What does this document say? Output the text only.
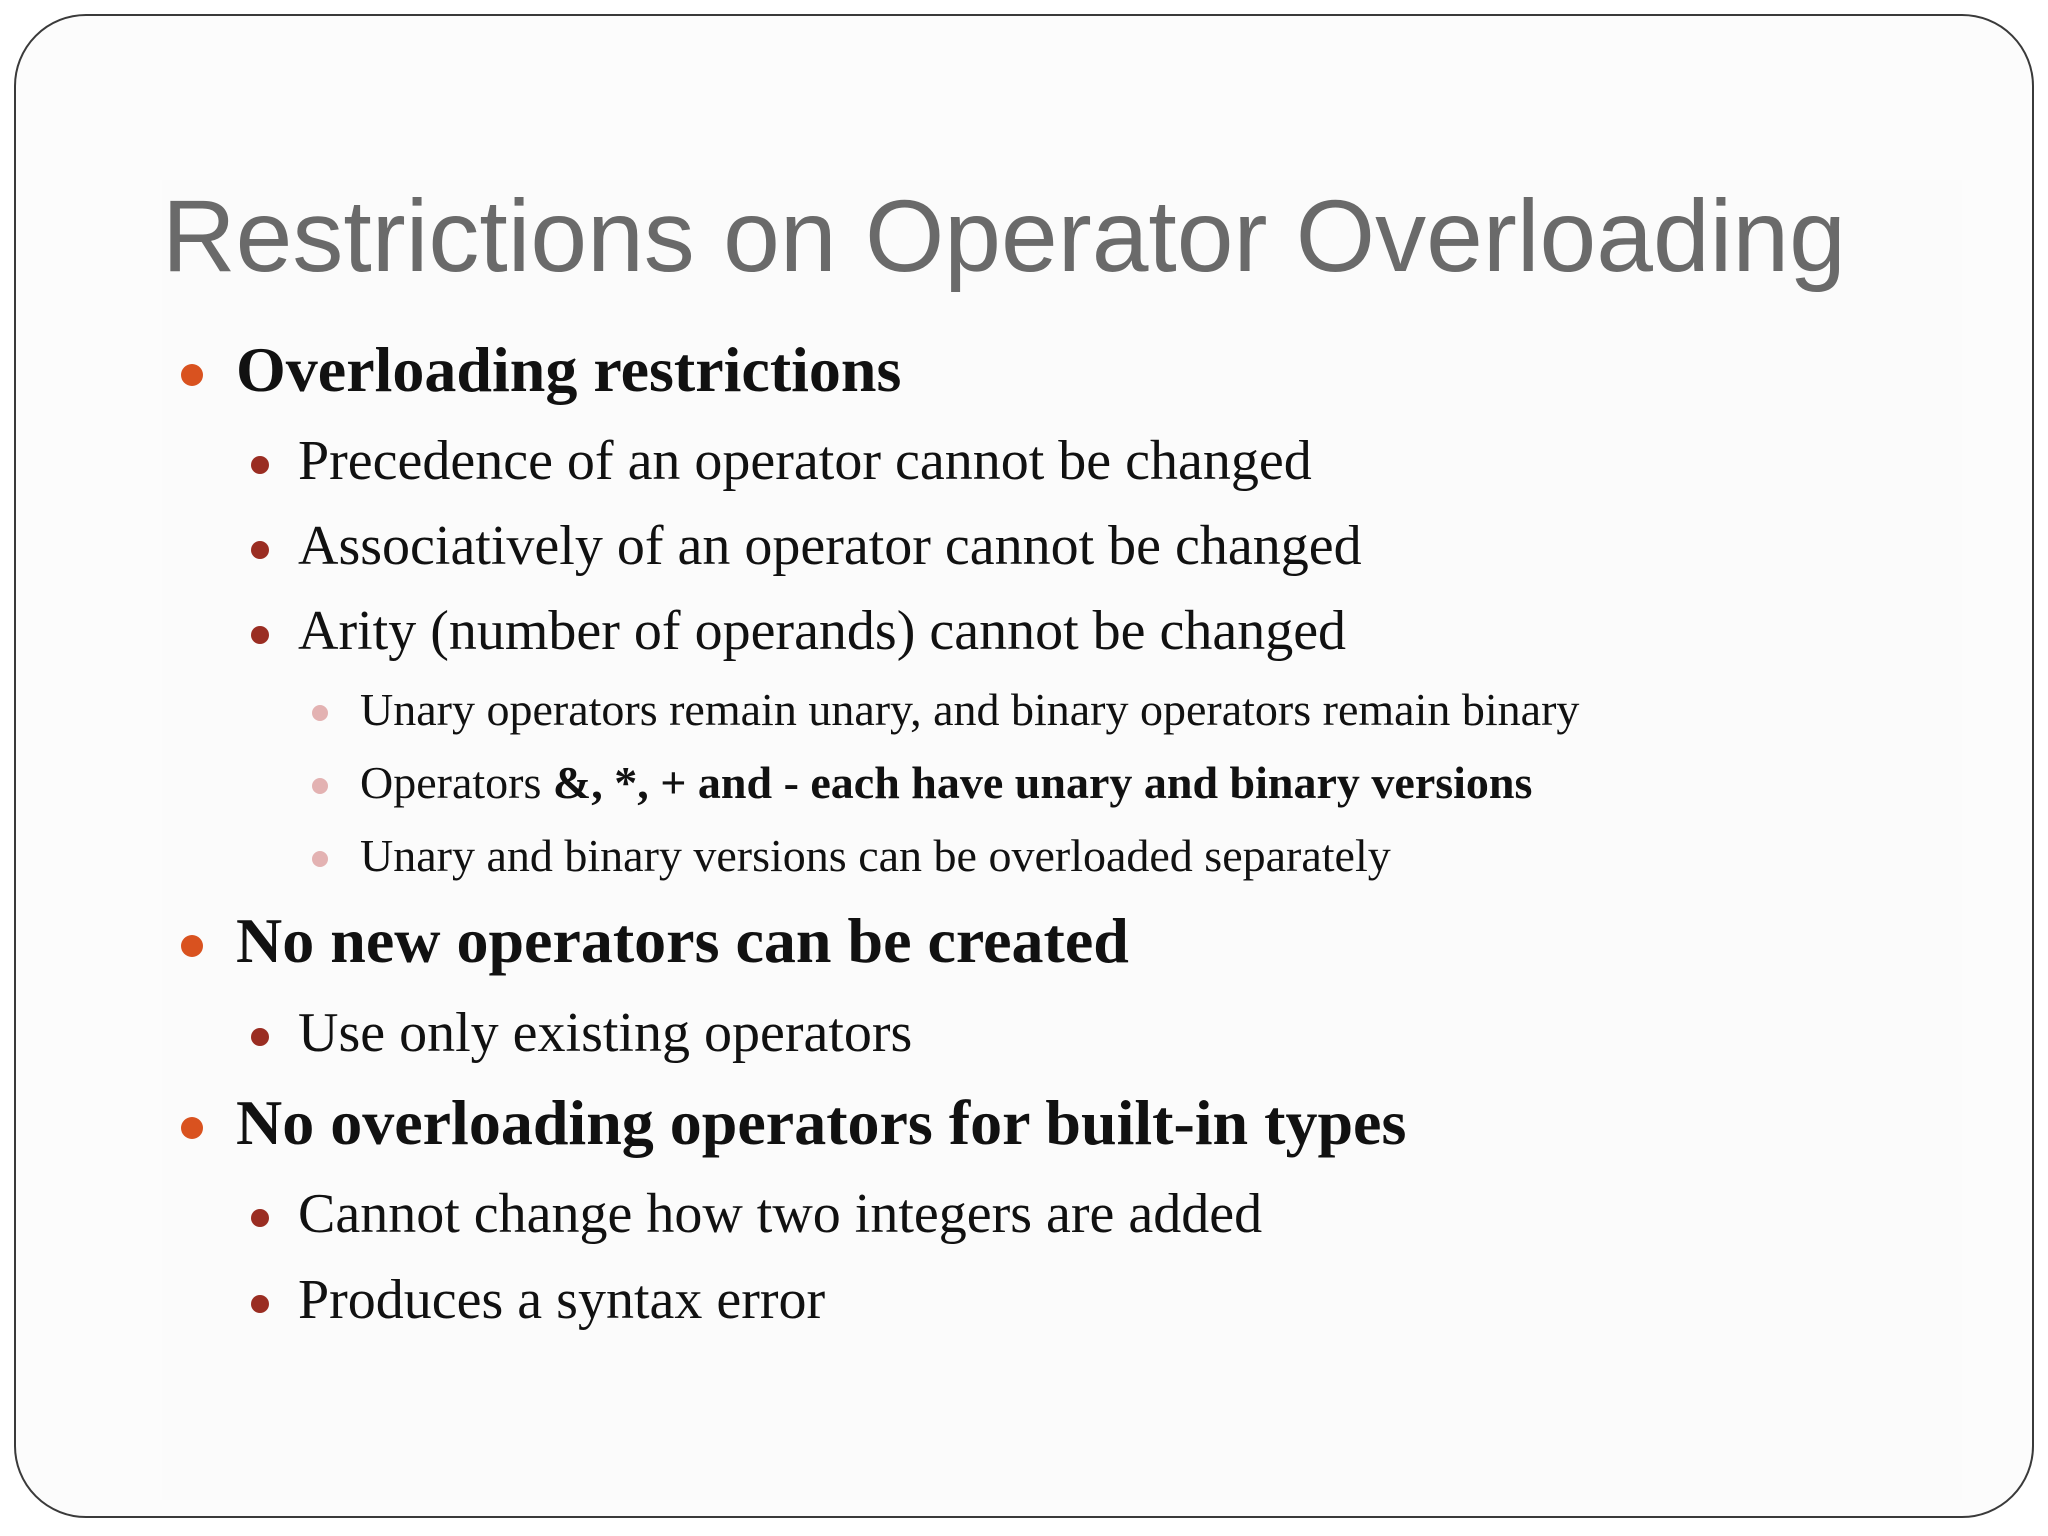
Restrictions on Operator Overloading
Overloading restrictions
Precedence of an operator cannot be changed
Associatively of an operator cannot be changed
Arity (number of operands) cannot be changed
Unary operators remain unary, and binary operators remain binary
Operators &, *, + and - each have unary and binary versions
Unary and binary versions can be overloaded separately
No new operators can be created
Use only existing operators
No overloading operators for built-in types
Cannot change how two integers are added
Produces a syntax error
